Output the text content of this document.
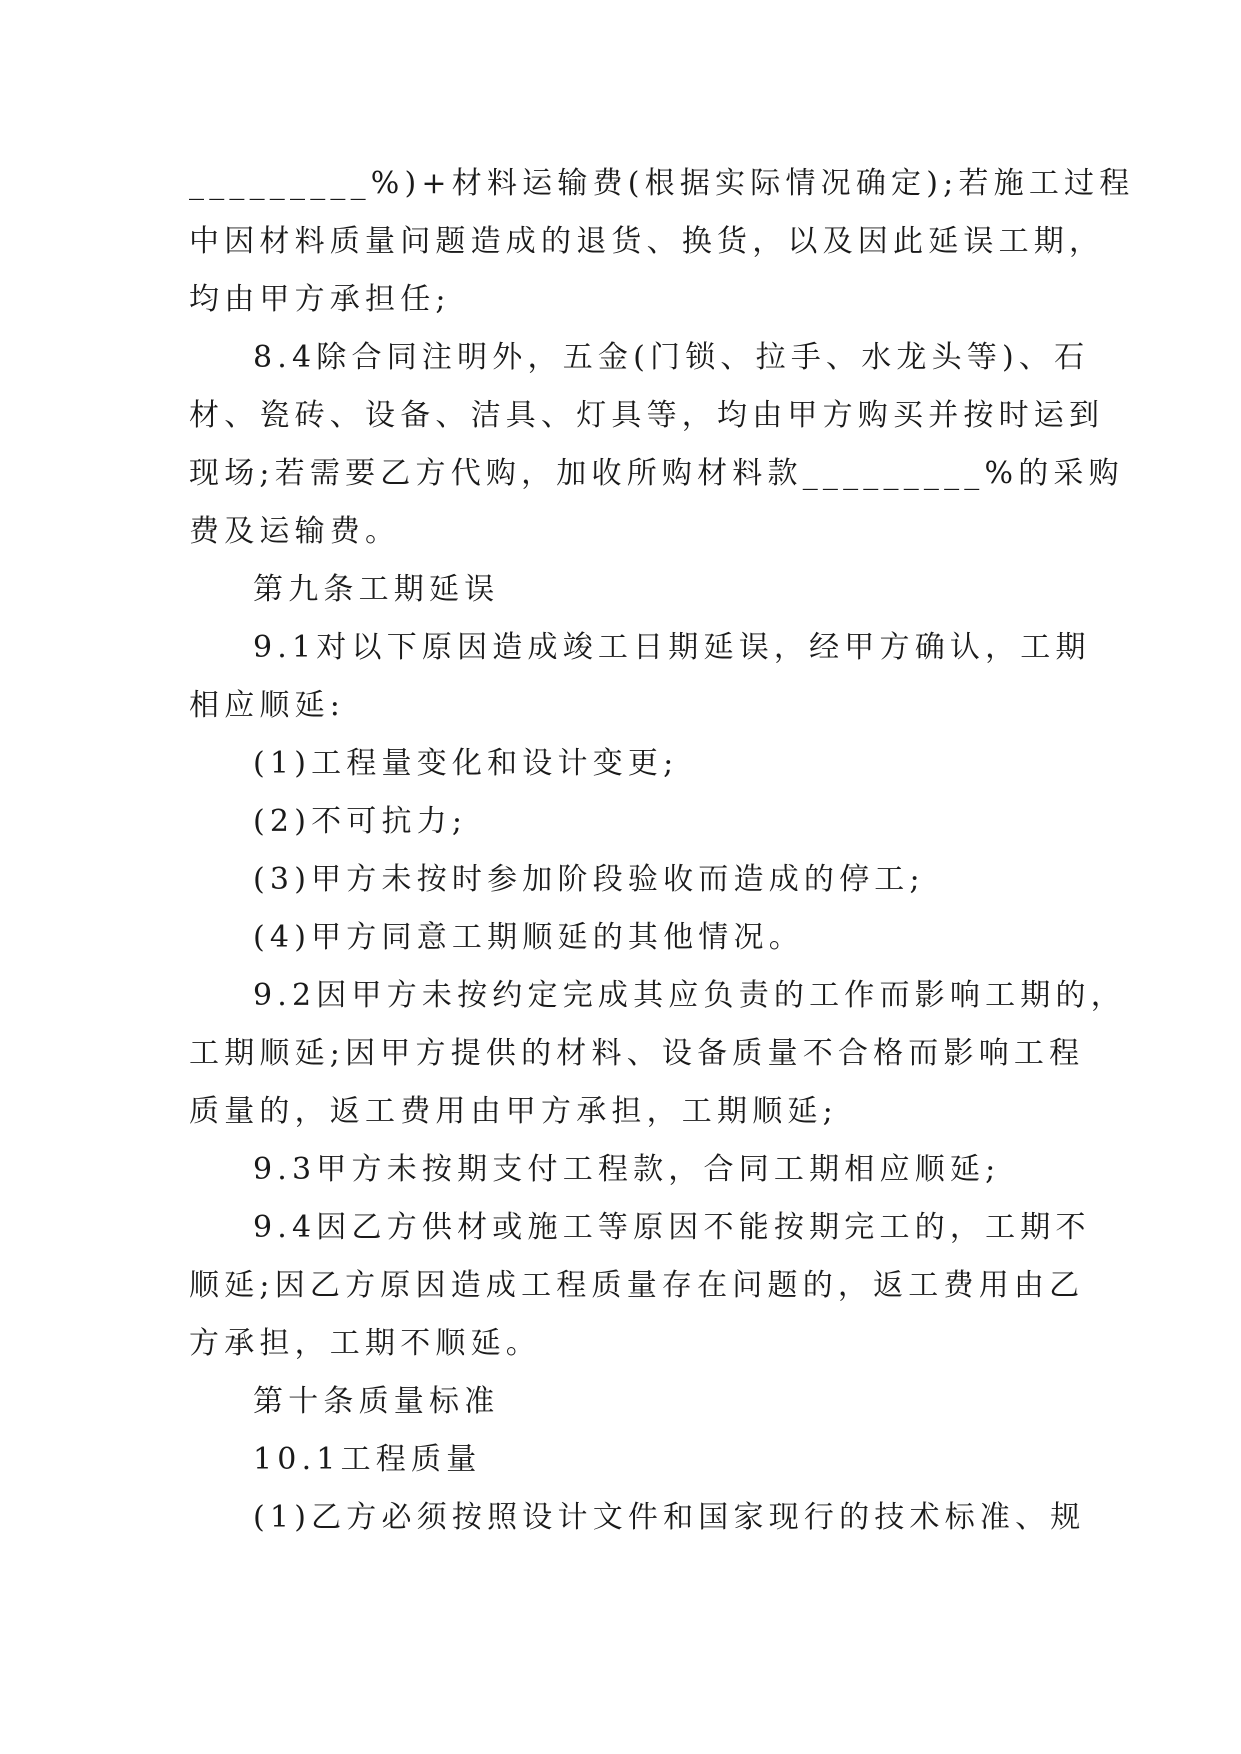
_________%)+材料运输费(根据实际情况确定);若施工过程
中因材料质量问题造成的退货、换货，以及因此延误工期，
均由甲方承担任;
8.4除合同注明外，五金(门锁、拉手、水龙头等)、石
材、瓷砖、设备、洁具、灯具等，均由甲方购买并按时运到
现场;若需要乙方代购，加收所购材料款_________%的采购
费及运输费。
第九条工期延误
9.1对以下原因造成竣工日期延误，经甲方确认，工期
相应顺延:
(1)工程量变化和设计变更;
(2)不可抗力;
(3)甲方未按时参加阶段验收而造成的停工;
(4)甲方同意工期顺延的其他情况。
9.2因甲方未按约定完成其应负责的工作而影响工期的，
工期顺延;因甲方提供的材料、设备质量不合格而影响工程
质量的，返工费用由甲方承担，工期顺延;
9.3甲方未按期支付工程款，合同工期相应顺延;
9.4因乙方供材或施工等原因不能按期完工的，工期不
顺延;因乙方原因造成工程质量存在问题的，返工费用由乙
方承担，工期不顺延。
第十条质量标准
10.1工程质量
(1)乙方必须按照设计文件和国家现行的技术标准、规
